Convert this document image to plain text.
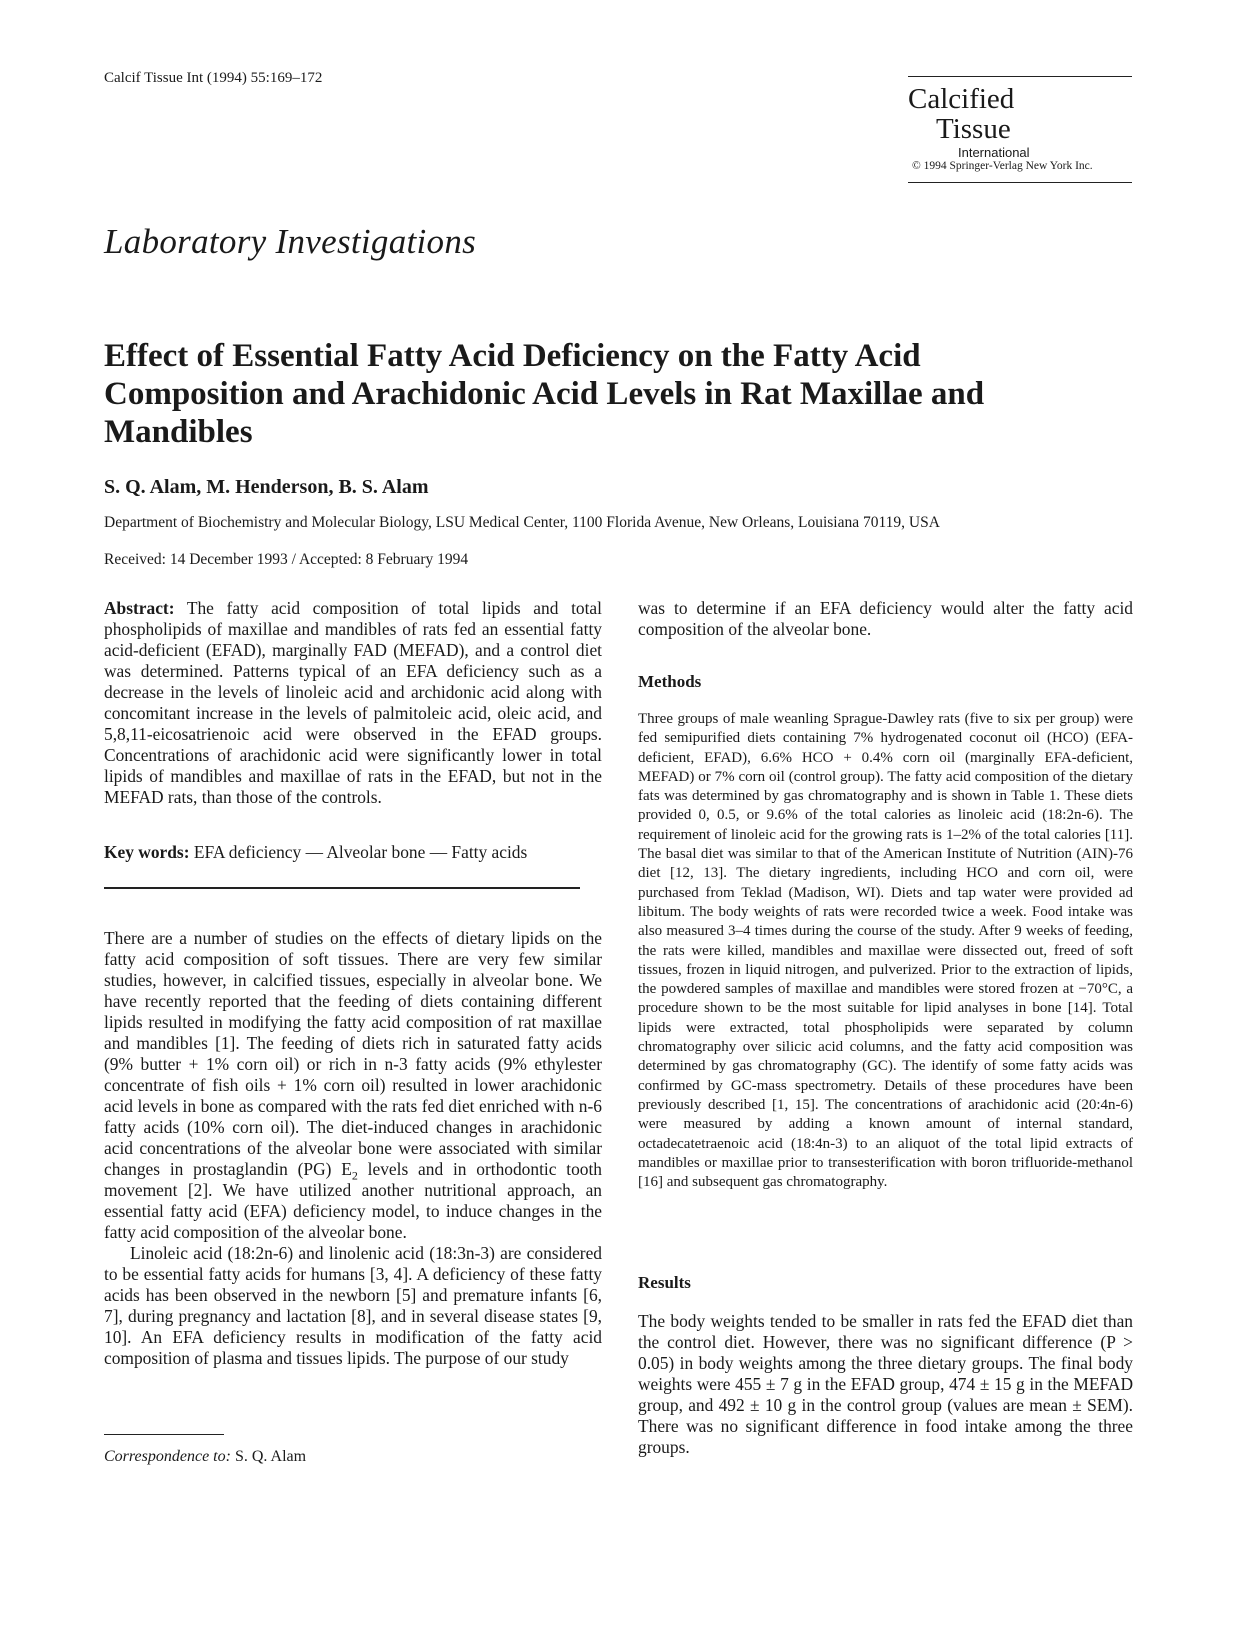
Calcif Tissue Int (1994) 55:169–172
Calcified
Tissue
International
© 1994 Springer-Verlag New York Inc.
Laboratory Investigations
Effect of Essential Fatty Acid Deficiency on the Fatty Acid Composition and Arachidonic Acid Levels in Rat Maxillae and Mandibles
S. Q. Alam, M. Henderson, B. S. Alam
Department of Biochemistry and Molecular Biology, LSU Medical Center, 1100 Florida Avenue, New Orleans, Louisiana 70119, USA
Received: 14 December 1993 / Accepted: 8 February 1994

Abstract: The fatty acid composition of total lipids and total phospholipids of maxillae and mandibles of rats fed an essential fatty acid-deficient (EFAD), marginally FAD (MEFAD), and a control diet was determined. Patterns typical of an EFA deficiency such as a decrease in the levels of linoleic acid and archidonic acid along with concomitant increase in the levels of palmitoleic acid, oleic acid, and 5,8,11-eicosatrienoic acid were observed in the EFAD groups. Concentrations of arachidonic acid were significantly lower in total lipids of mandibles and maxillae of rats in the EFAD, but not in the MEFAD rats, than those of the controls.

Key words: EFA deficiency — Alveolar bone — Fatty acids

There are a number of studies on the effects of dietary lipids on the fatty acid composition of soft tissues. There are very few similar studies, however, in calcified tissues, especially in alveolar bone. We have recently reported that the feeding of diets containing different lipids resulted in modifying the fatty acid composition of rat maxillae and mandibles [1]. The feeding of diets rich in saturated fatty acids (9% butter + 1% corn oil) or rich in n-3 fatty acids (9% ethylester concentrate of fish oils + 1% corn oil) resulted in lower arachidonic acid levels in bone as compared with the rats fed diet enriched with n-6 fatty acids (10% corn oil). The diet-induced changes in arachidonic acid concentrations of the alveolar bone were associated with similar changes in prostaglandin (PG) $E_2$ levels and in orthodontic tooth movement [2]. We have utilized another nutritional approach, an essential fatty acid (EFA) deficiency model, to induce changes in the fatty acid composition of the alveolar bone.

Linoleic acid (18:2n-6) and linolenic acid (18:3n-3) are considered to be essential fatty acids for humans [3, 4]. A deficiency of these fatty acids has been observed in the newborn [5] and premature infants [6, 7], during pregnancy and lactation [8], and in several disease states [9, 10]. An EFA deficiency results in modification of the fatty acid composition of plasma and tissues lipids. The purpose of our study

Correspondence to: S. Q. Alam
was to determine if an EFA deficiency would alter the fatty acid composition of the alveolar bone.
Methods
Three groups of male weanling Sprague-Dawley rats (five to six per group) were fed semipurified diets containing 7% hydrogenated coconut oil (HCO) (EFA-deficient, EFAD), 6.6% HCO + 0.4% corn oil (marginally EFA-deficient, MEFAD) or 7% corn oil (control group). The fatty acid composition of the dietary fats was determined by gas chromatography and is shown in Table 1. These diets provided 0, 0.5, or 9.6% of the total calories as linoleic acid (18:2n-6). The requirement of linoleic acid for the growing rats is 1–2% of the total calories [11]. The basal diet was similar to that of the American Institute of Nutrition (AIN)-76 diet [12, 13]. The dietary ingredients, including HCO and corn oil, were purchased from Teklad (Madison, WI). Diets and tap water were provided ad libitum. The body weights of rats were recorded twice a week. Food intake was also measured 3–4 times during the course of the study. After 9 weeks of feeding, the rats were killed, mandibles and maxillae were dissected out, freed of soft tissues, frozen in liquid nitrogen, and pulverized. Prior to the extraction of lipids, the powdered samples of maxillae and mandibles were stored frozen at −70°C, a procedure shown to be the most suitable for lipid analyses in bone [14]. Total lipids were extracted, total phospholipids were separated by column chromatography over silicic acid columns, and the fatty acid composition was determined by gas chromatography (GC). The identify of some fatty acids was confirmed by GC-mass spectrometry. Details of these procedures have been previously described [1, 15]. The concentrations of arachidonic acid (20:4n-6) were measured by adding a known amount of internal standard, octadecatetraenoic acid (18:4n-3) to an aliquot of the total lipid extracts of mandibles or maxillae prior to transesterification with boron trifluoride-methanol [16] and subsequent gas chromatography.
Results
The body weights tended to be smaller in rats fed the EFAD diet than the control diet. However, there was no significant difference (P > 0.05) in body weights among the three dietary groups. The final body weights were 455 ± 7 g in the EFAD group, 474 ± 15 g in the MEFAD group, and 492 ± 10 g in the control group (values are mean ± SEM). There was no significant difference in food intake among the three groups.
